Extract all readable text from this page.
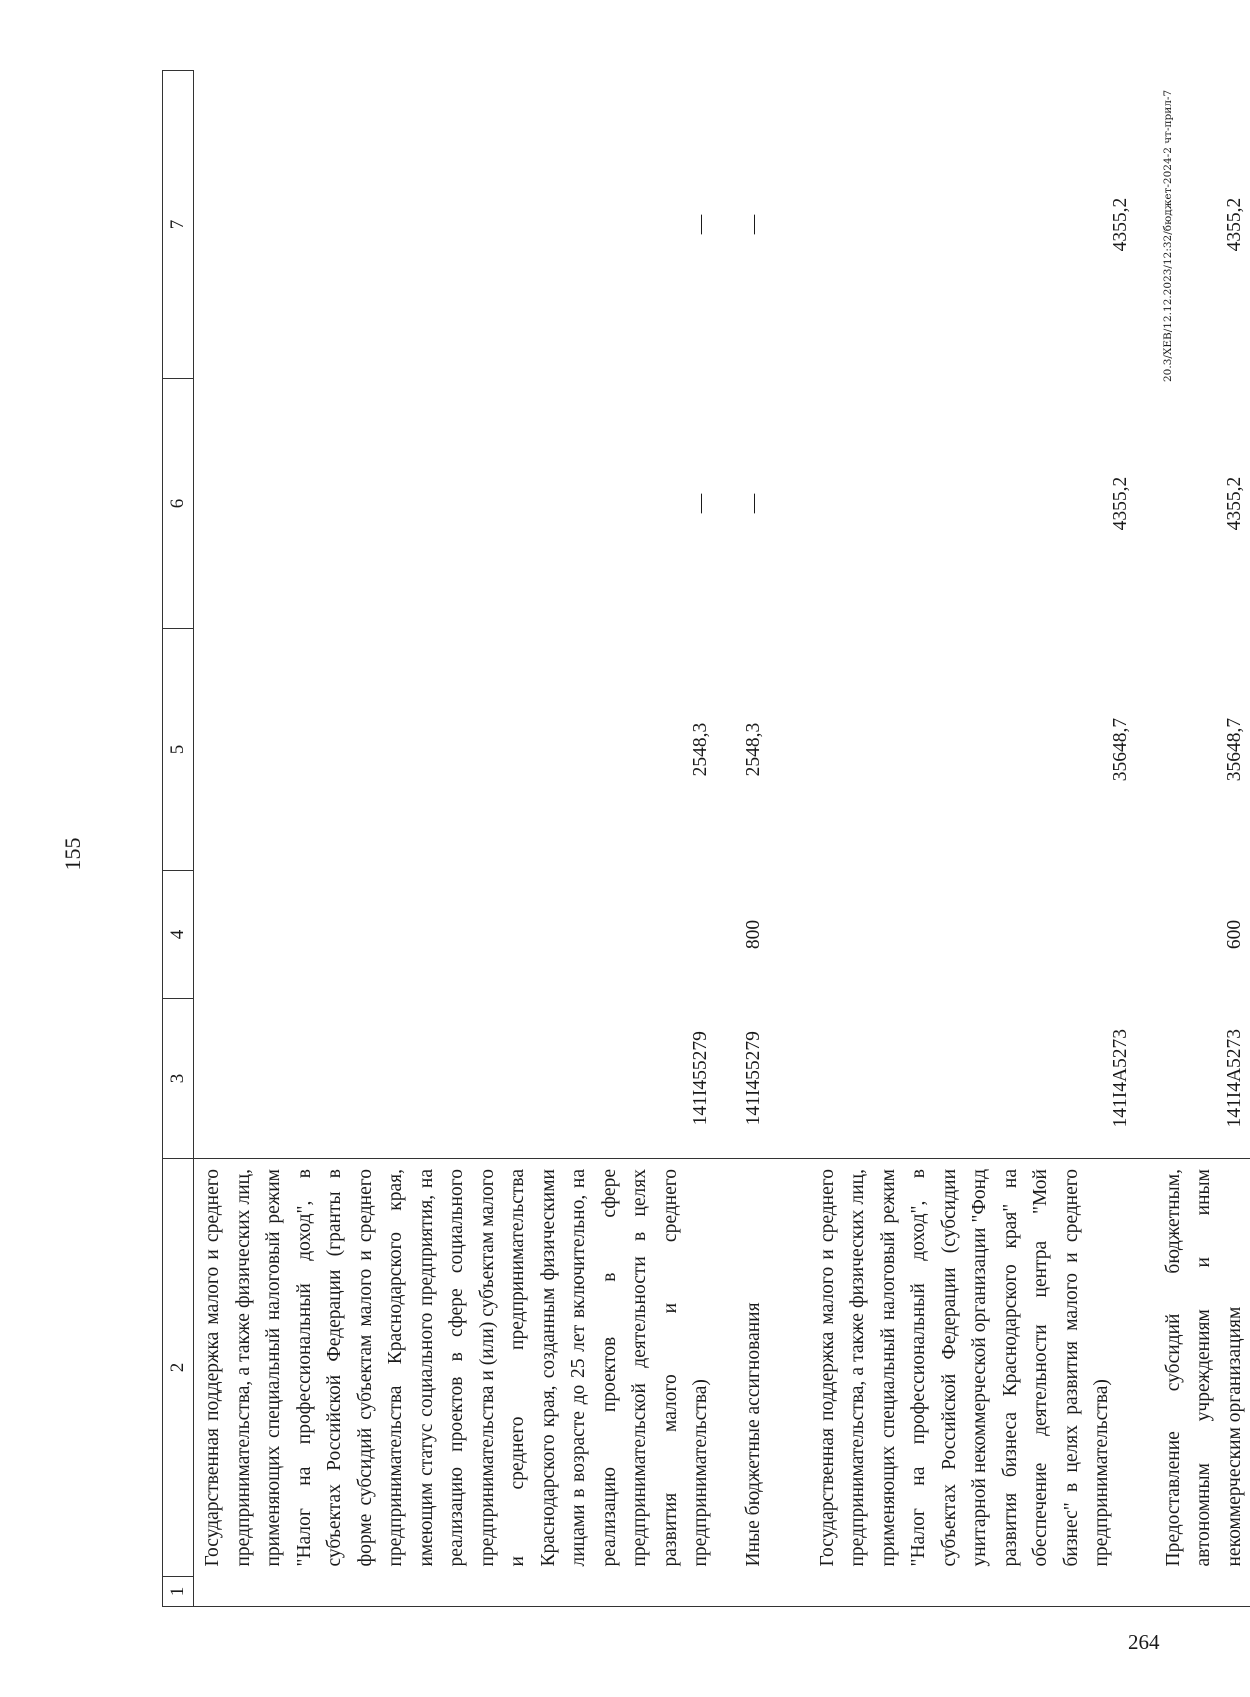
155
1	2	3	4	5	6	7

	Государственная поддержка малого и среднего предпринимательства, а также физических лиц, применяющих специальный налоговый режим "Налог на профессиональный доход", в субъектах Российской Федерации (гранты в форме субсидий субъектам малого и среднего предпринимательства Краснодарского края, имеющим статус социального предприятия, на реализацию проектов в сфере социального предпринимательства и (или) субъектам малого и среднего предпринимательства Краснодарского края, созданным физическими лицами в возрасте до 25 лет включительно, на реализацию проектов в сфере предпринимательской деятельности в целях развития малого и среднего предпринимательства)	141I455279		2548,3	—	—

	Иные бюджетные ассигнования	141I455279	800	2548,3	—	—

	Государственная поддержка малого и среднего предпринимательства, а также физических лиц, применяющих специальный налоговый режим "Налог на профессиональный доход", в субъектах Российской Федерации (субсидии унитарной некоммерческой организации "Фонд развития бизнеса Краснодарского края" на обеспечение деятельности центра "Мой бизнес" в целях развития малого и среднего предпринимательства)	141I4A5273		35648,7	4355,2	4355,2

	Предоставление субсидий бюджетным, автономным учреждениям и иным некоммерческим организациям	141I4A5273	600	35648,7	4355,2	4355,2
20.3/ХЕВ/12.12.2023/12:32/бюджет-2024-2 чт-прил-7
264
